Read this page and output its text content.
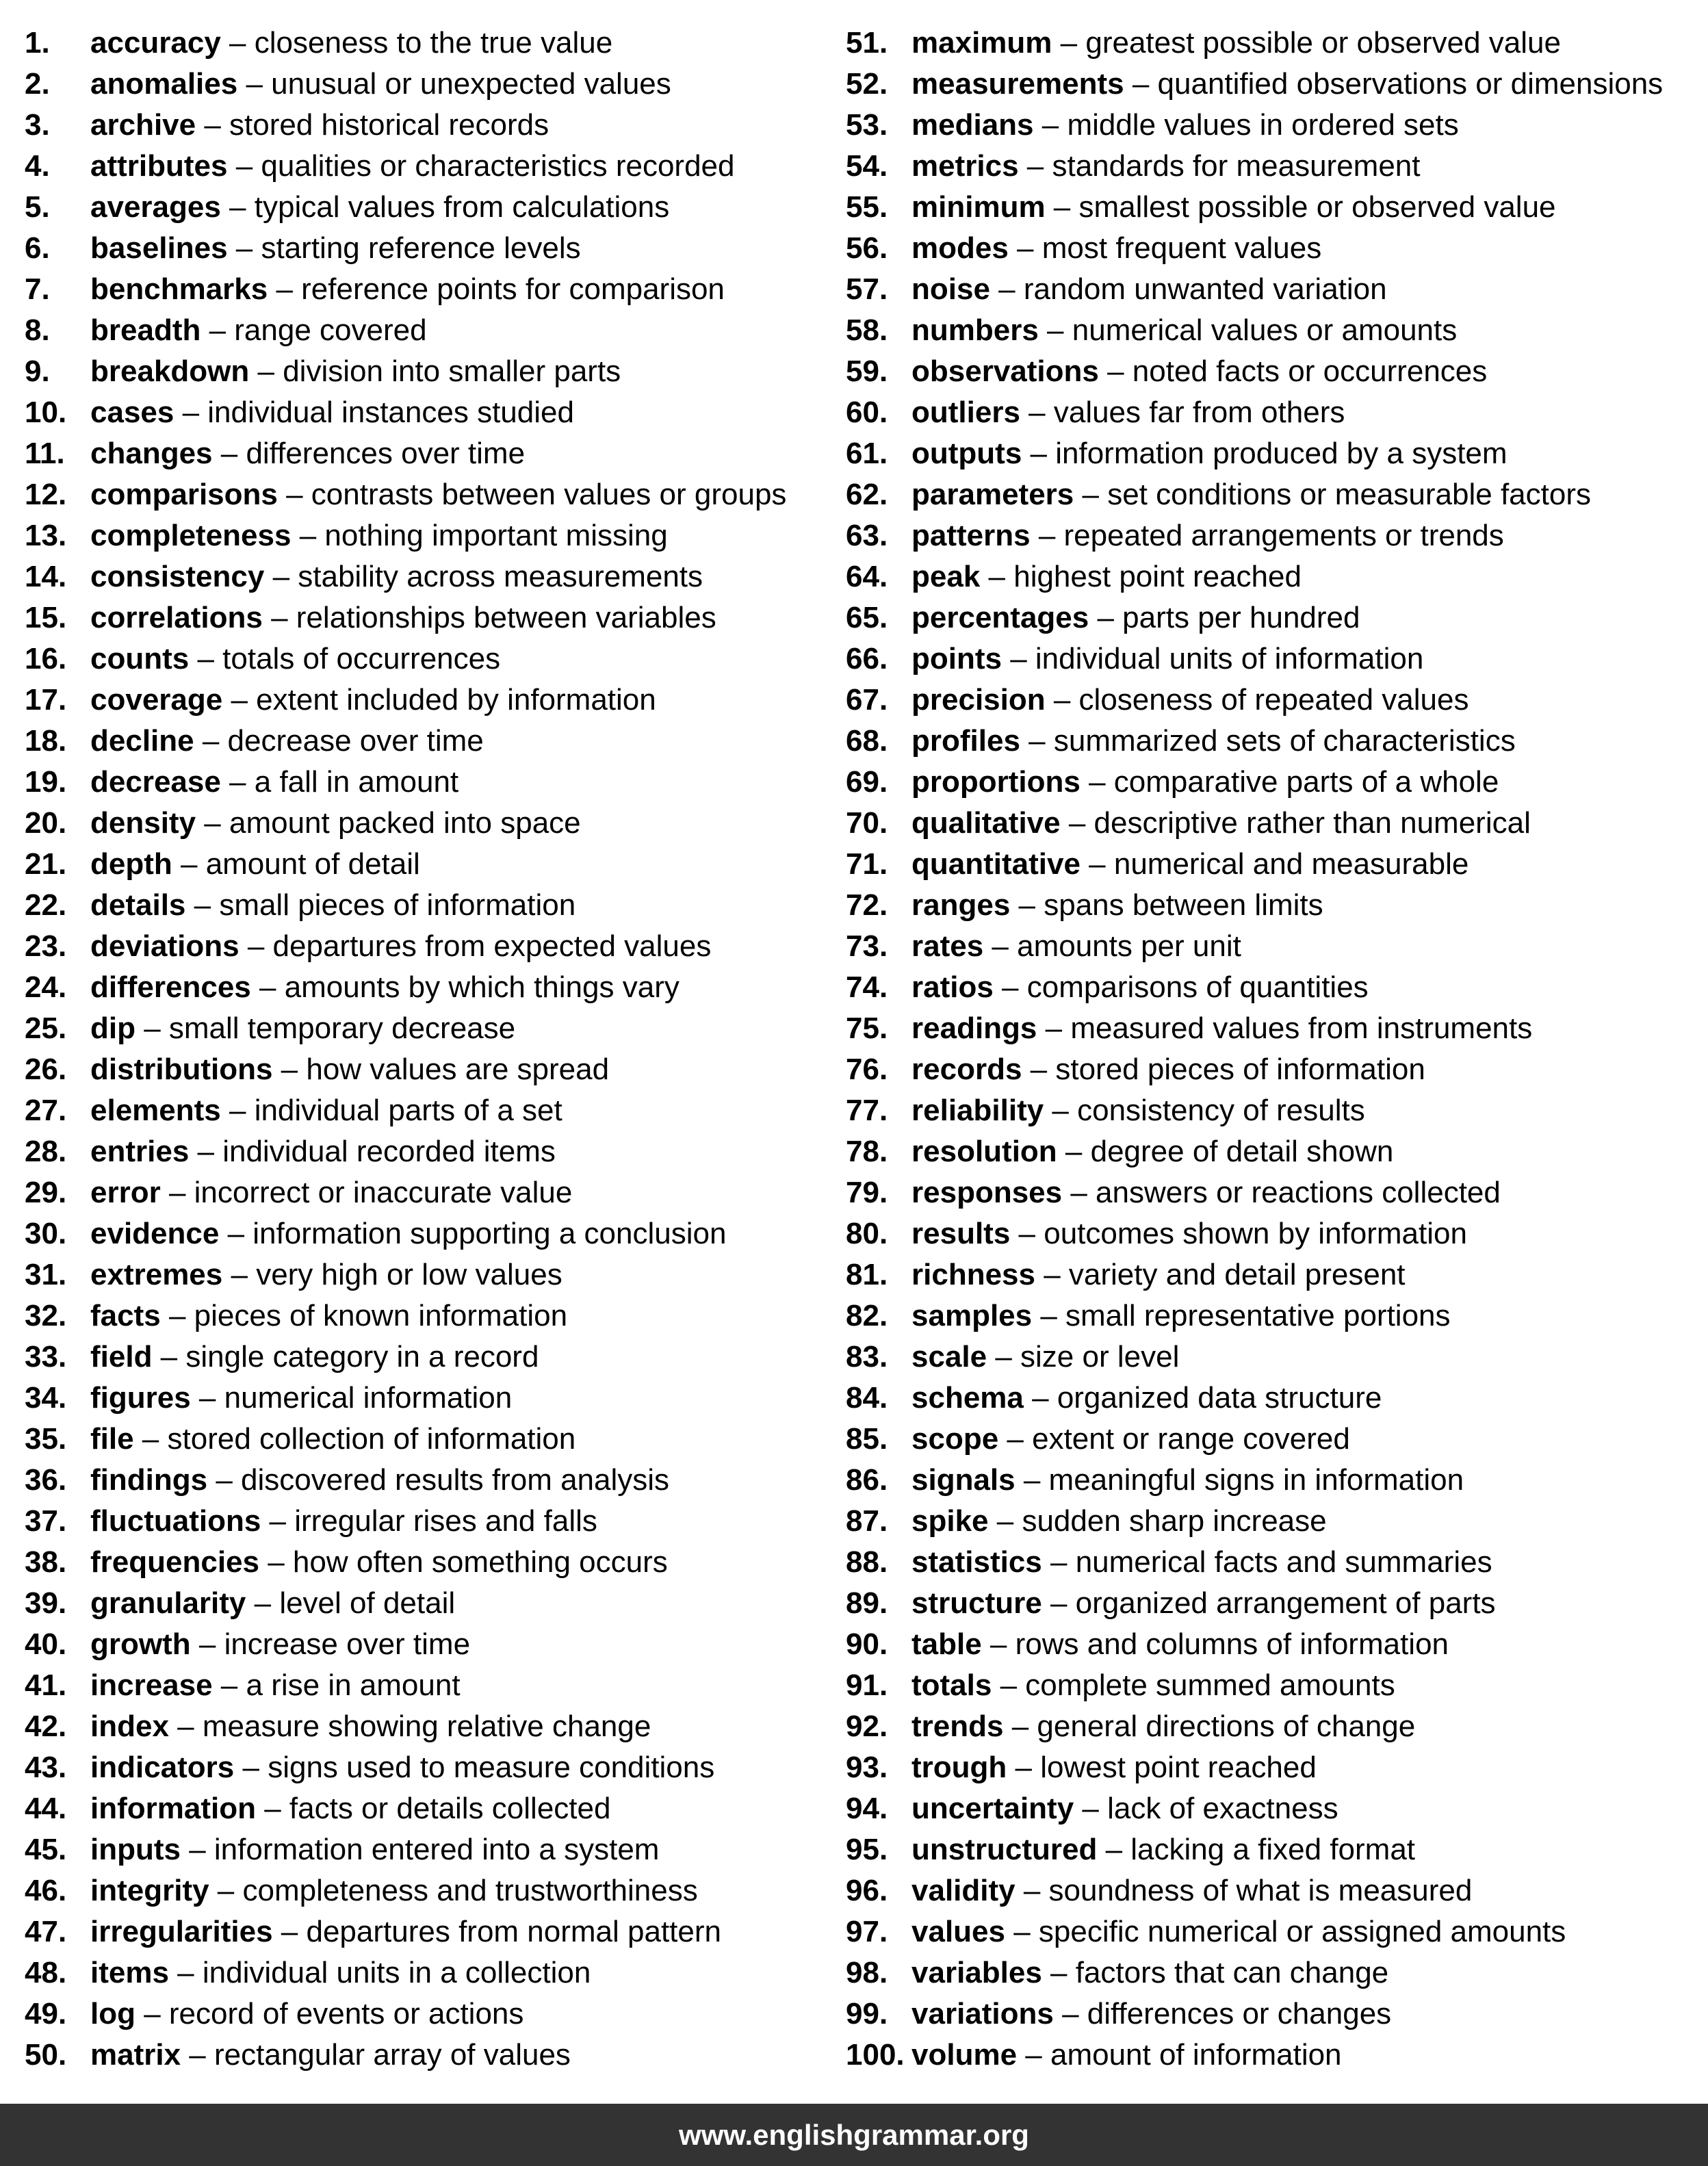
1. accuracy – closeness to the true value
2. anomalies – unusual or unexpected values
3. archive – stored historical records
4. attributes – qualities or characteristics recorded
5. averages – typical values from calculations
6. baselines – starting reference levels
7. benchmarks – reference points for comparison
8. breadth – range covered
9. breakdown – division into smaller parts
10. cases – individual instances studied
11. changes – differences over time
12. comparisons – contrasts between values or groups
13. completeness – nothing important missing
14. consistency – stability across measurements
15. correlations – relationships between variables
16. counts – totals of occurrences
17. coverage – extent included by information
18. decline – decrease over time
19. decrease – a fall in amount
20. density – amount packed into space
21. depth – amount of detail
22. details – small pieces of information
23. deviations – departures from expected values
24. differences – amounts by which things vary
25. dip – small temporary decrease
26. distributions – how values are spread
27. elements – individual parts of a set
28. entries – individual recorded items
29. error – incorrect or inaccurate value
30. evidence – information supporting a conclusion
31. extremes – very high or low values
32. facts – pieces of known information
33. field – single category in a record
34. figures – numerical information
35. file – stored collection of information
36. findings – discovered results from analysis
37. fluctuations – irregular rises and falls
38. frequencies – how often something occurs
39. granularity – level of detail
40. growth – increase over time
41. increase – a rise in amount
42. index – measure showing relative change
43. indicators – signs used to measure conditions
44. information – facts or details collected
45. inputs – information entered into a system
46. integrity – completeness and trustworthiness
47. irregularities – departures from normal pattern
48. items – individual units in a collection
49. log – record of events or actions
50. matrix – rectangular array of values
51. maximum – greatest possible or observed value
52. measurements – quantified observations or dimensions
53. medians – middle values in ordered sets
54. metrics – standards for measurement
55. minimum – smallest possible or observed value
56. modes – most frequent values
57. noise – random unwanted variation
58. numbers – numerical values or amounts
59. observations – noted facts or occurrences
60. outliers – values far from others
61. outputs – information produced by a system
62. parameters – set conditions or measurable factors
63. patterns – repeated arrangements or trends
64. peak – highest point reached
65. percentages – parts per hundred
66. points – individual units of information
67. precision – closeness of repeated values
68. profiles – summarized sets of characteristics
69. proportions – comparative parts of a whole
70. qualitative – descriptive rather than numerical
71. quantitative – numerical and measurable
72. ranges – spans between limits
73. rates – amounts per unit
74. ratios – comparisons of quantities
75. readings – measured values from instruments
76. records – stored pieces of information
77. reliability – consistency of results
78. resolution – degree of detail shown
79. responses – answers or reactions collected
80. results – outcomes shown by information
81. richness – variety and detail present
82. samples – small representative portions
83. scale – size or level
84. schema – organized data structure
85. scope – extent or range covered
86. signals – meaningful signs in information
87. spike – sudden sharp increase
88. statistics – numerical facts and summaries
89. structure – organized arrangement of parts
90. table – rows and columns of information
91. totals – complete summed amounts
92. trends – general directions of change
93. trough – lowest point reached
94. uncertainty – lack of exactness
95. unstructured – lacking a fixed format
96. validity – soundness of what is measured
97. values – specific numerical or assigned amounts
98. variables – factors that can change
99. variations – differences or changes
100. volume – amount of information
www.englishgrammar.org
